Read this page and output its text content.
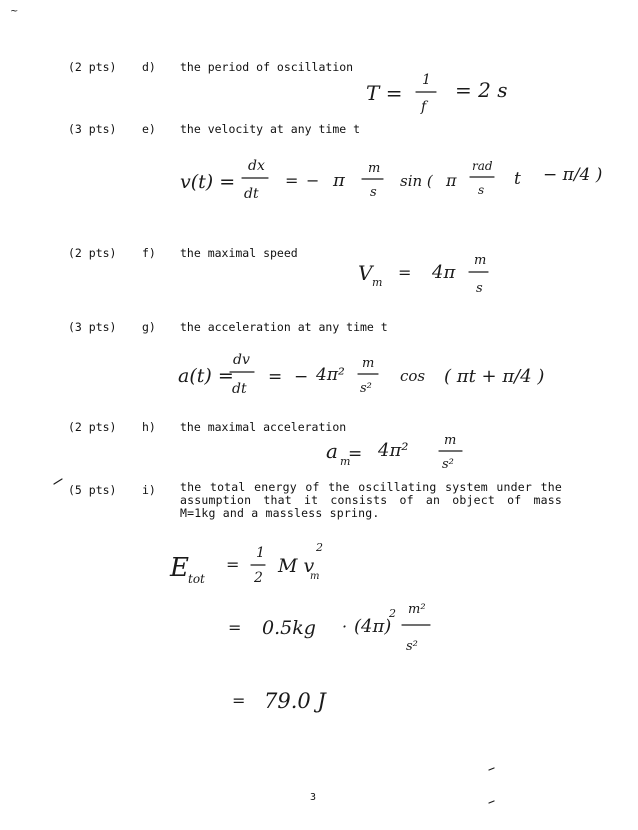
(2 pts) d) the period of oscillation
(3 pts) e) the velocity at any time t
(2 pts) f) the maximal speed
(3 pts) g) the acceleration at any time t
(2 pts) h) the maximal acceleration
(5 pts) i) the total energy of the oscillating system under the assumption that it consists of an object of mass M=1kg and a massless spring.
~
T =
1
f
= 2 s
v(t) =
dx
dt
= − π
m
s
sin ( π
rad
s
t − π/4 )
V m
= 4π
m
s
a(t) =
dv
dt
= − 4π²
m
s²
cos ( πt + π/4 )
a m
= 4π²	m
s²
E tot
=
1
2
M v
m
2
= 0.5kg · (4π)
2 m²
s²
= 79.0 J
3
